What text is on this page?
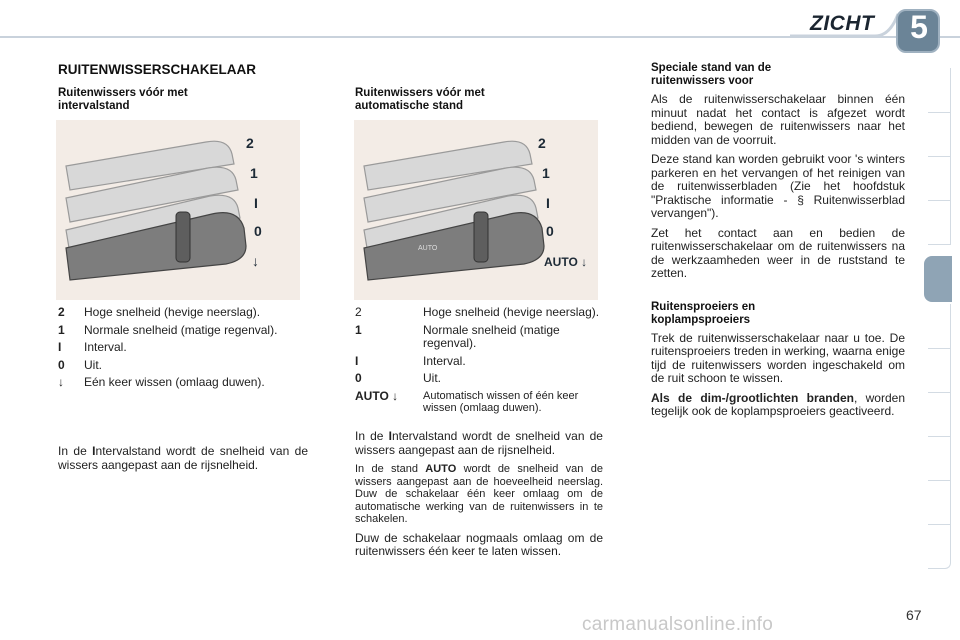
ZICHT 5
RUITENWISSERSCHAKELAAR
Ruitenwissers vóór met
intervalstand
2
1
I
0
↓
2	Hoge snelheid (hevige neerslag).
1	Normale snelheid (matige regenval).
I	Interval.
0	Uit.
↓	Eén keer wissen (omlaag duwen).

In de Intervalstand wordt de snelheid van de wissers aangepast aan de rijsnelheid.

Ruitenwissers vóór met
automatische stand
AUTO
2
1
I
0
AUTO ↓
2	Hoge snelheid (hevige neerslag).
1	Normale snelheid (matige regenval).
I	Interval.
0	Uit.
AUTO ↓	Automatisch wissen of één keer wissen (omlaag duwen).

In de Intervalstand wordt de snelheid van de wissers aangepast aan de rijsnelheid.

In de stand AUTO wordt de snelheid van de wissers aangepast aan de hoeveelheid neerslag. Duw de schakelaar één keer omlaag om de automatische werking van de ruitenwissers in te schakelen.

Duw de schakelaar nogmaals omlaag om de ruitenwissers één keer te laten wissen.

Speciale stand van de
ruitenwissers voor

Als de ruitenwisserschakelaar binnen één minuut nadat het contact is afgezet wordt bediend, bewegen de ruitenwissers naar het midden van de voorruit.

Deze stand kan worden gebruikt voor 's winters parkeren en het vervangen of het reinigen van de ruitenwisserbladen (Zie het hoofdstuk "Praktische informatie - § Ruitenwisserblad vervangen").

Zet het contact aan en bedien de ruitenwisserschakelaar om de ruitenwissers na de werkzaamheden weer in de ruststand te zetten.

Ruitensproeiers en
koplampsproeiers

Trek de ruitenwisserschakelaar naar u toe. De ruitensproeiers treden in werking, waarna enige tijd de ruitenwissers worden ingeschakeld om de ruit schoon te wissen.

Als de dim-/grootlichten branden, worden tegelijk ook de koplampsproeiers geactiveerd.

carmanualsonline.info	67
